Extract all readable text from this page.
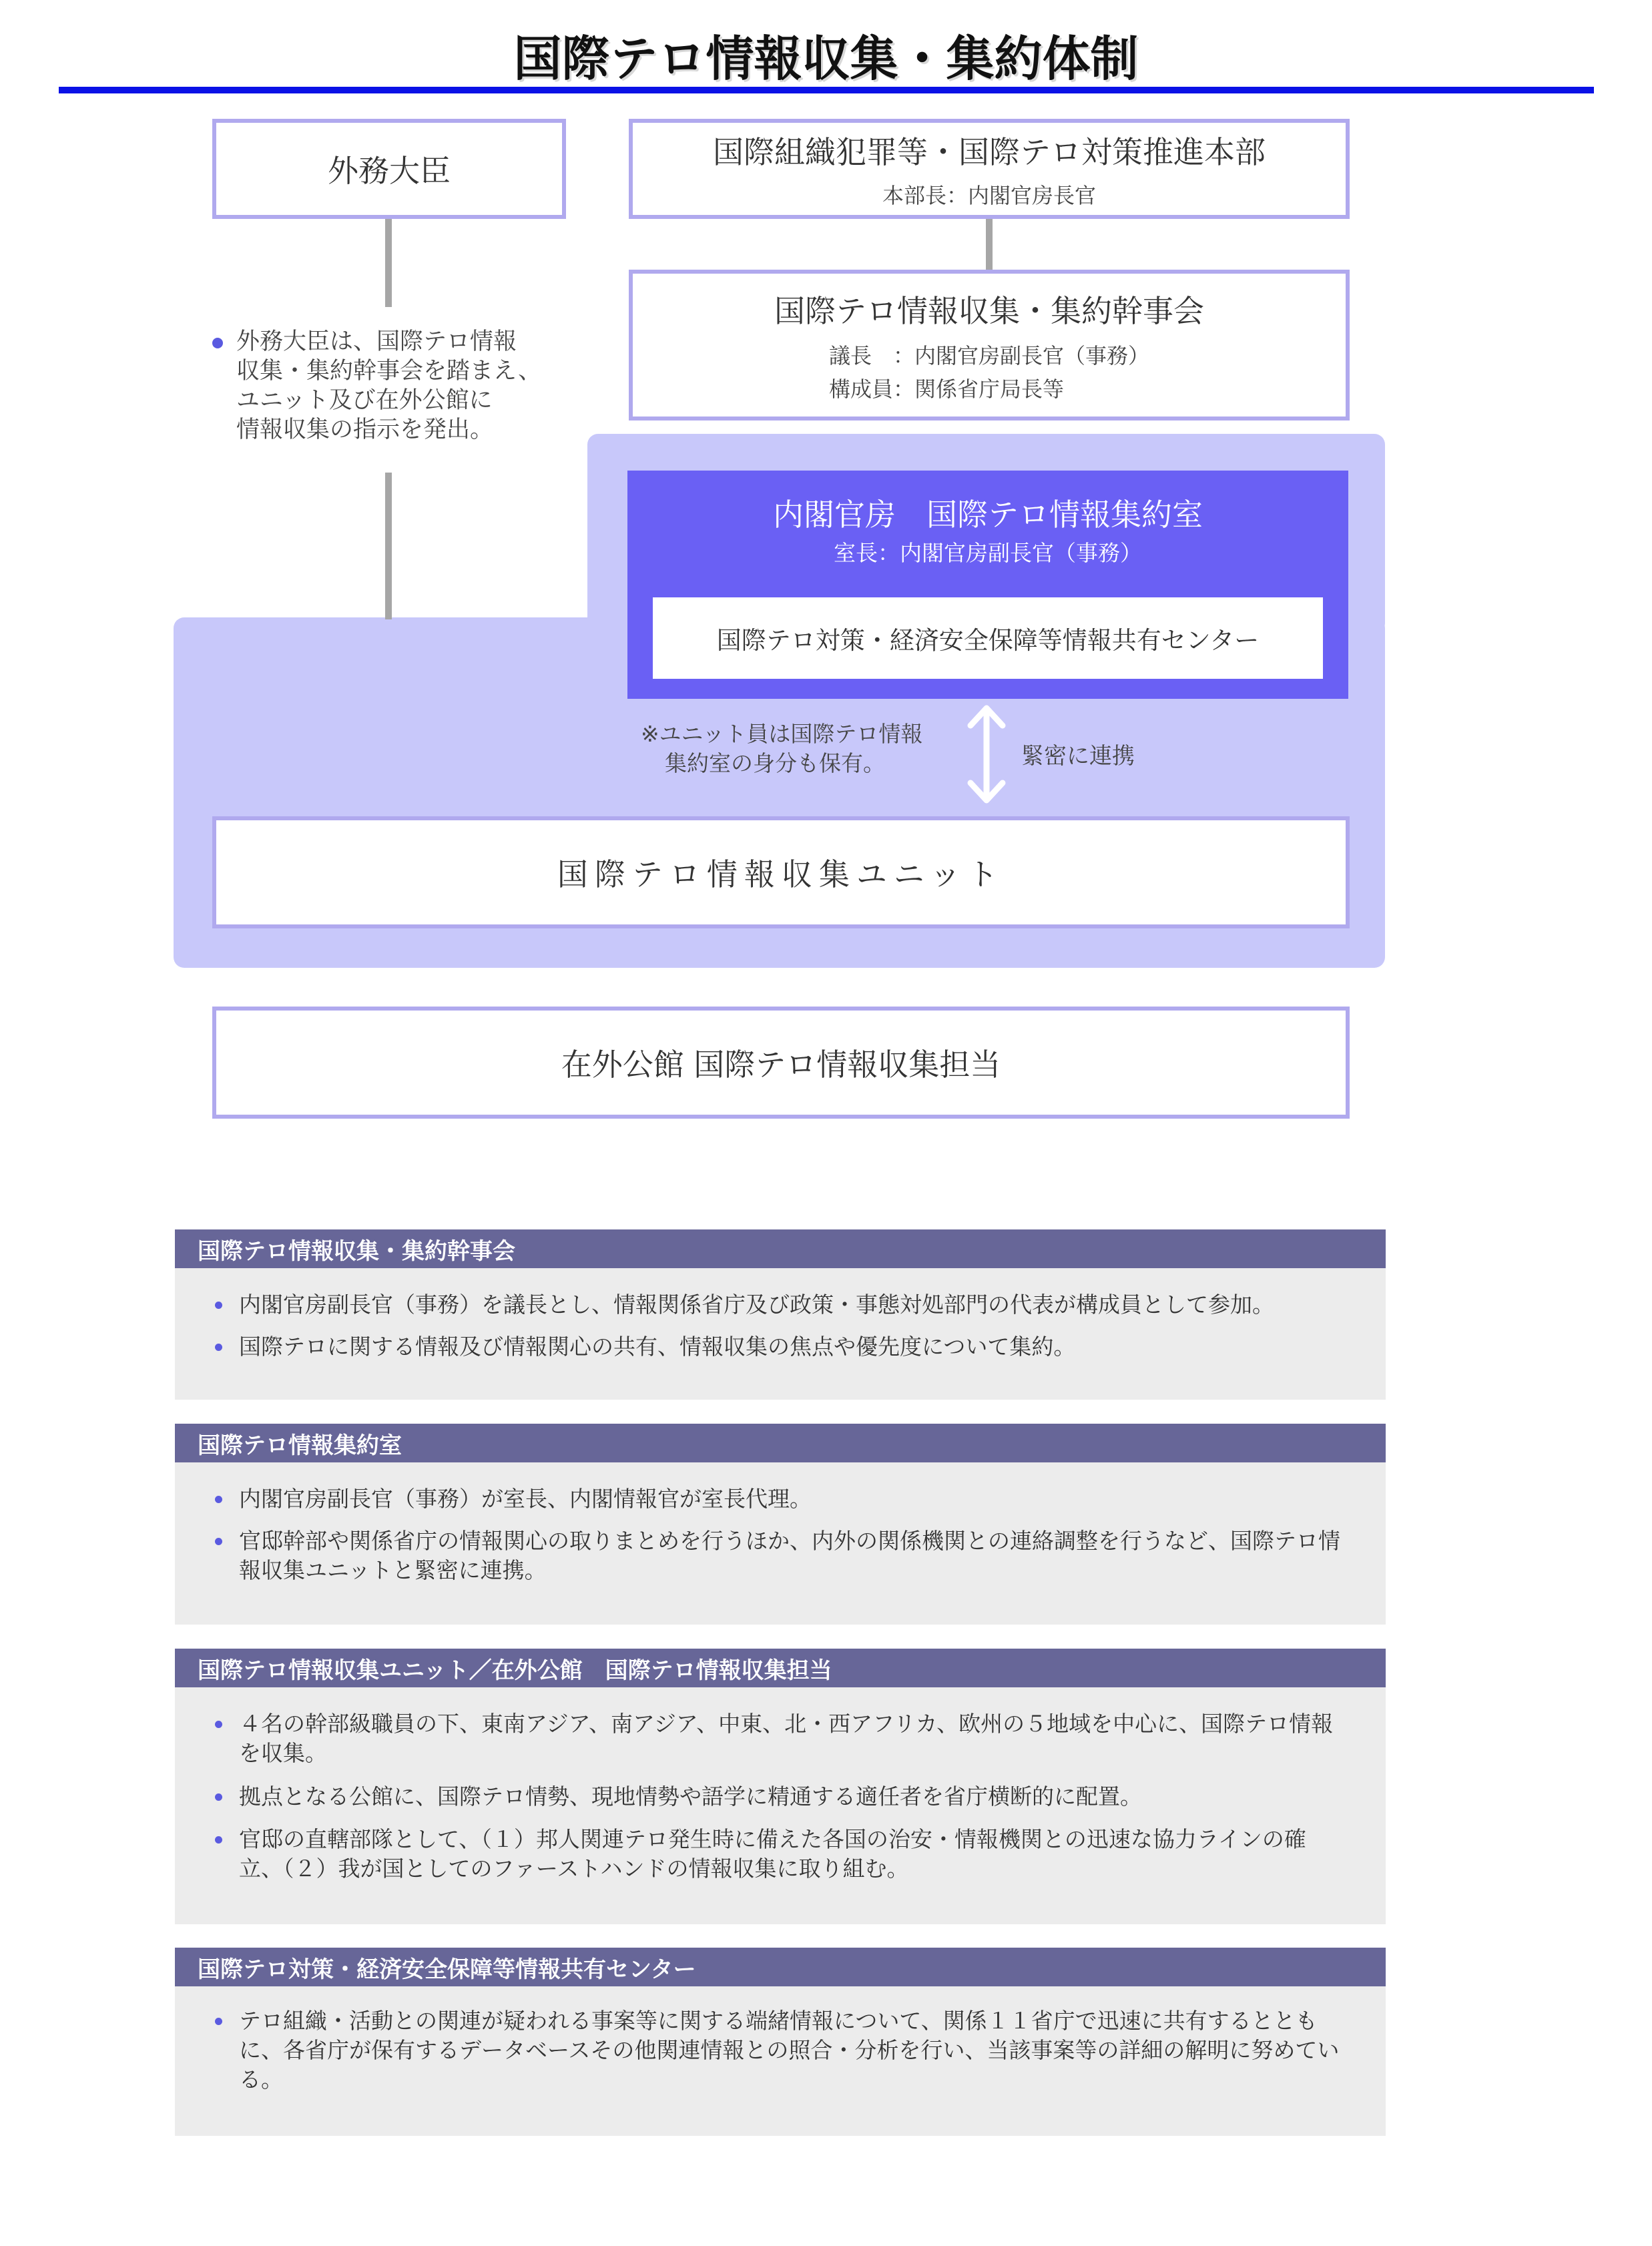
国際テロ情報収集・集約体制
外務大臣
国際組織犯罪等・国際テロ対策推進本部
本部長：内閣官房長官
国際テロ情報収集・集約幹事会
議長　：内閣官房副長官（事務）
構成員：関係省庁局長等
外務大臣は、国際テロ情報
収集・集約幹事会を踏まえ、
ユニット及び在外公館に
情報収集の指示を発出。
内閣官房　国際テロ情報集約室
室長：内閣官房副長官（事務）
国際テロ対策・経済安全保障等情報共有センター
※ユニット員は国際テロ情報
集約室の身分も保有。	緊密に連携
国際テロ情報収集ユニット
在外公館 国際テロ情報収集担当
国際テロ情報収集・集約幹事会
内閣官房副長官（事務）を議長とし、情報関係省庁及び政策・事態対処部門の代表が構成員として参加。
国際テロに関する情報及び情報関心の共有、情報収集の焦点や優先度について集約。
国際テロ情報集約室
内閣官房副長官（事務）が室長、内閣情報官が室長代理。
官邸幹部や関係省庁の情報関心の取りまとめを行うほか、内外の関係機関との連絡調整を行うなど、国際テロ情
報収集ユニットと緊密に連携。
国際テロ情報収集ユニット／在外公館　国際テロ情報収集担当
４名の幹部級職員の下、東南アジア、南アジア、中東、北・西アフリカ、欧州の５地域を中心に、国際テロ情報
を収集。
拠点となる公館に、国際テロ情勢、現地情勢や語学に精通する適任者を省庁横断的に配置。
官邸の直轄部隊として、（１）邦人関連テロ発生時に備えた各国の治安・情報機関との迅速な協力ラインの確
立、（２）我が国としてのファーストハンドの情報収集に取り組む。
国際テロ対策・経済安全保障等情報共有センター
テロ組織・活動との関連が疑われる事案等に関する端緒情報について、関係１１省庁で迅速に共有するととも
に、各省庁が保有するデータベースその他関連情報との照合・分析を行い、当該事案等の詳細の解明に努めてい
る。
